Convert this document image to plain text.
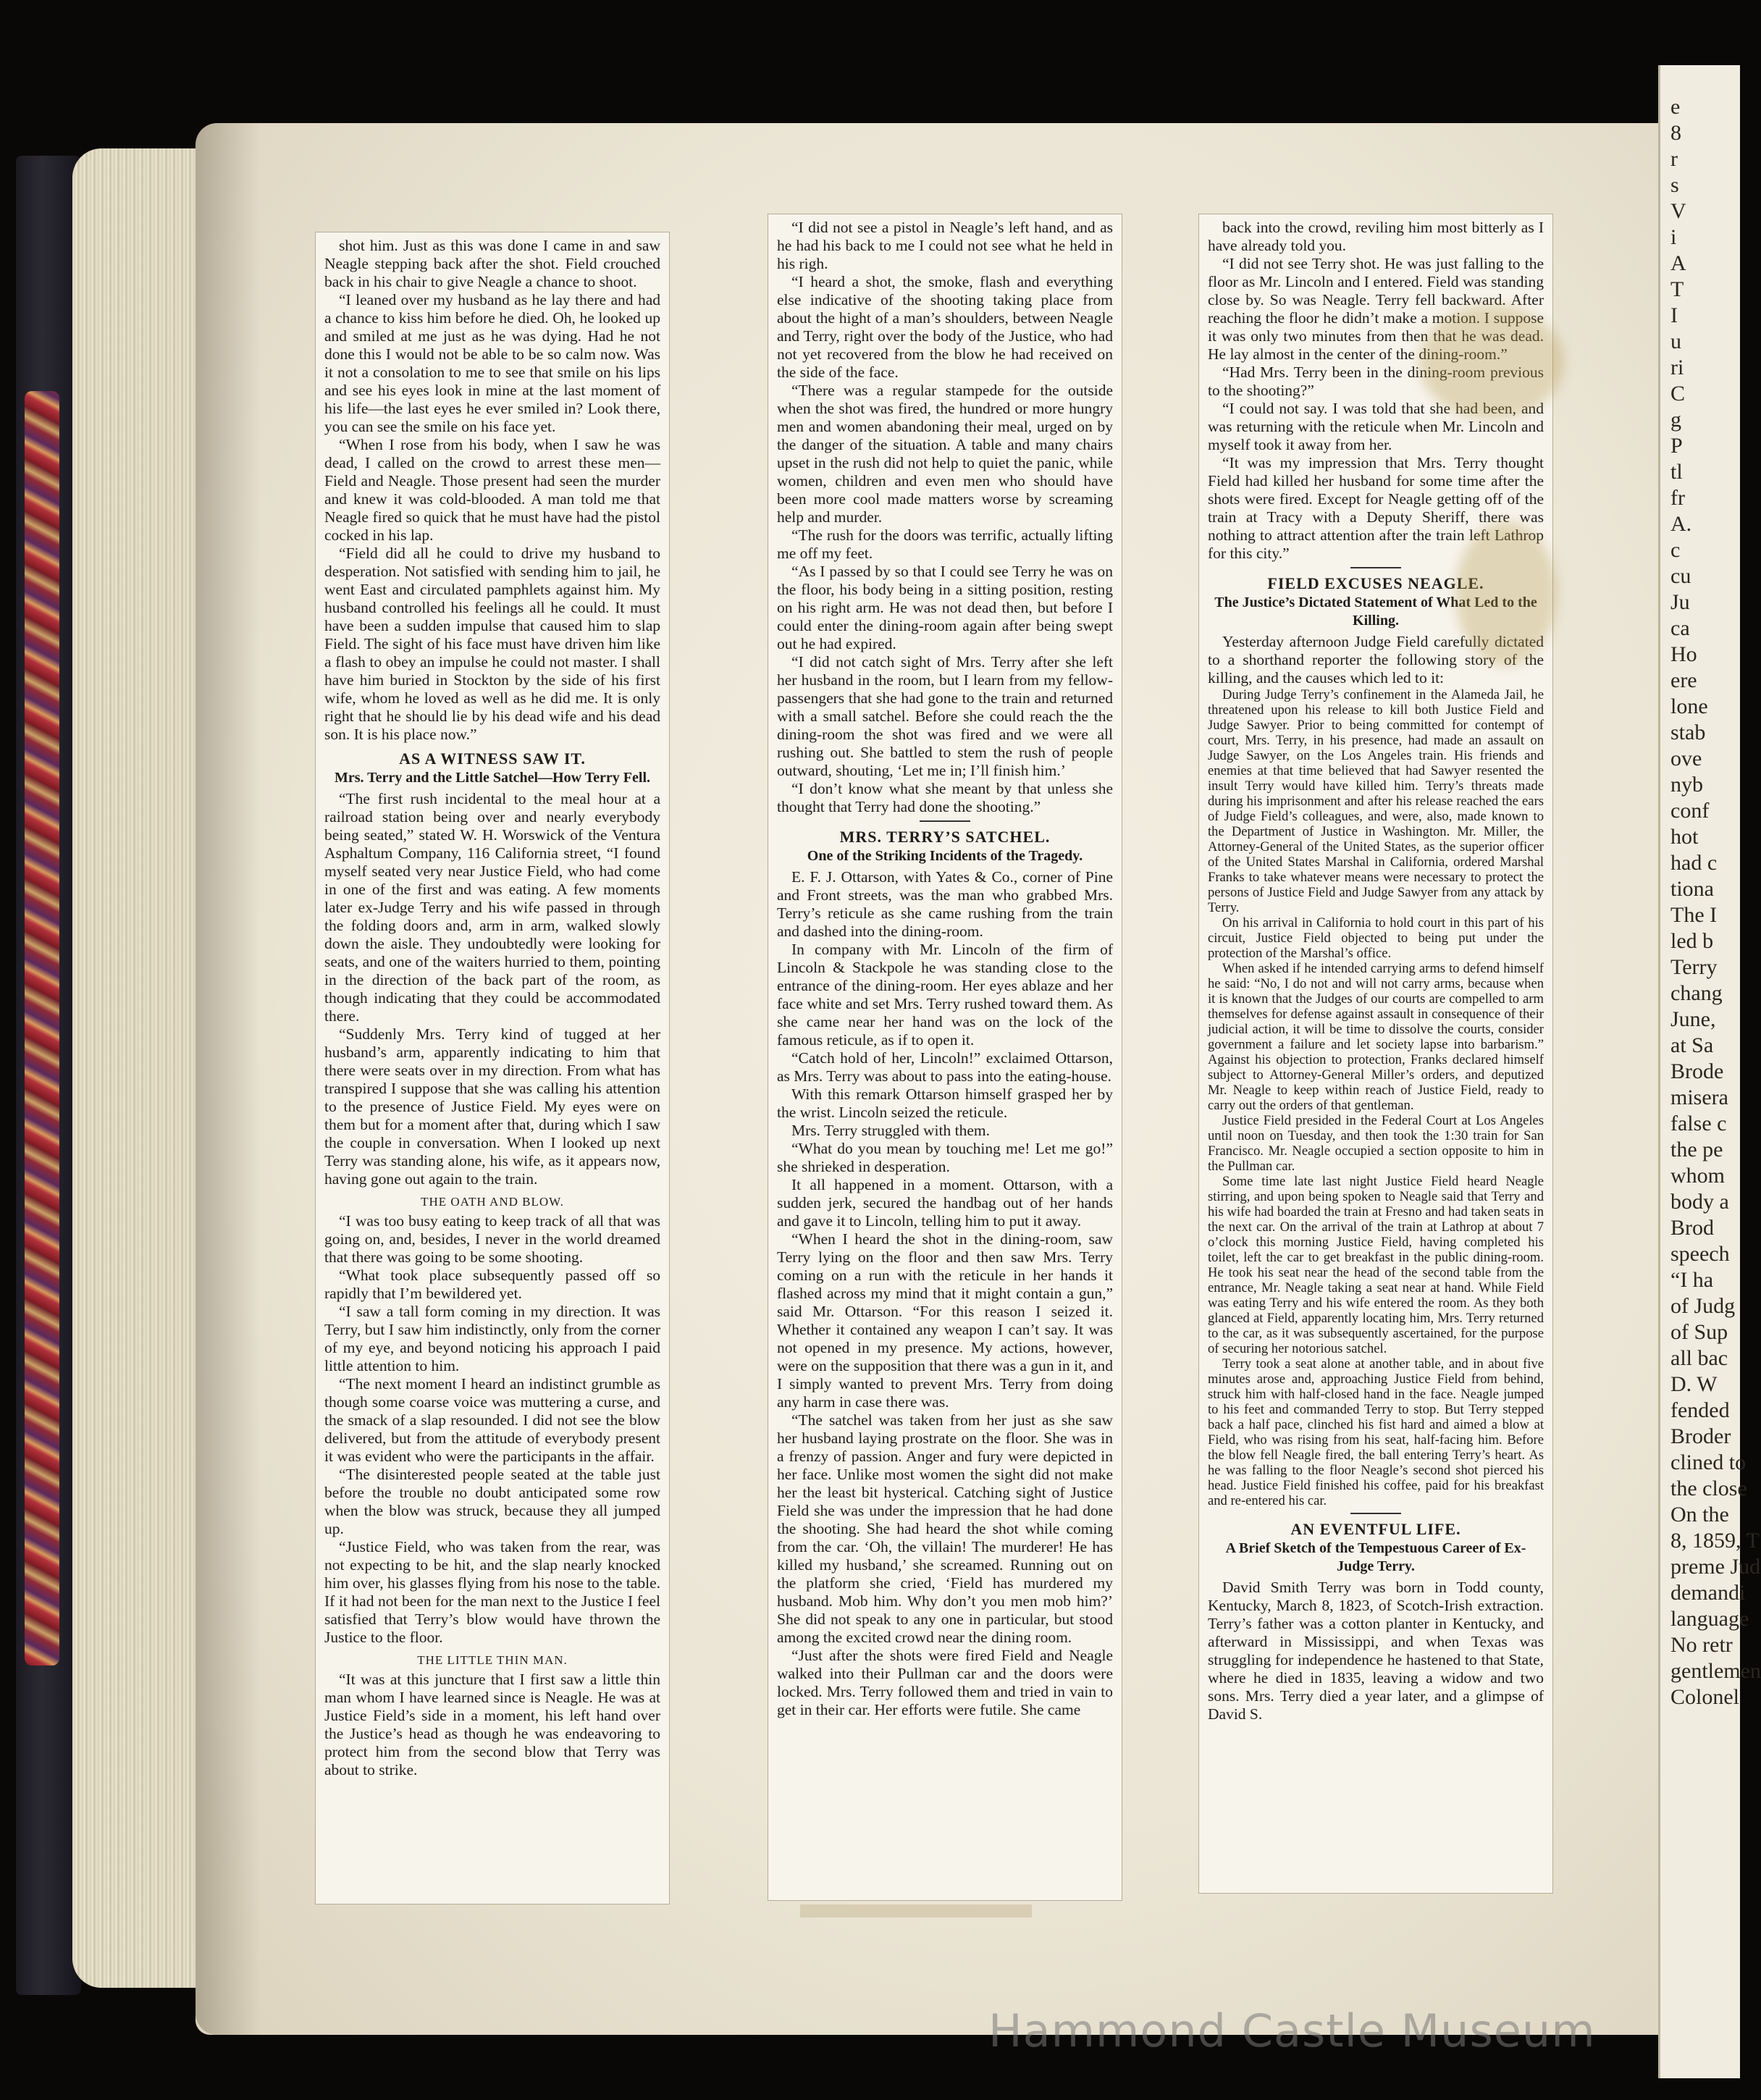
e
8
r
s
V
i
A
T
I
u
ri
C
g
P
tl
fr
A.
c
cu
Ju
ca
Ho
ere
lone
stab
ove
nyb
conf
hot
had c
tiona
The I
led b
Terry
chang
June,
at Sa
Brode
misera
false c
the pe
whom
body a
Brod
speech
“I ha
of Judg
of Sup
all bac
D. W
fended
Broder
clined to
the close
On the
8, 1859, T
preme Jud
demandi
language
No retr
gentlemen
Colonel

shot him. Just as this was done I came in and saw Neagle stepping back after the shot. Field crouched back in his chair to give Neagle a chance to shoot.

“I leaned over my husband as he lay there and had a chance to kiss him before he died. Oh, he looked up and smiled at me just as he was dying. Had he not done this I would not be able to be so calm now. Was it not a consolation to me to see that smile on his lips and see his eyes look in mine at the last moment of his life—the last eyes he ever smiled in? Look there, you can see the smile on his face yet.

“When I rose from his body, when I saw he was dead, I called on the crowd to arrest these men—Field and Neagle. Those present had seen the murder and knew it was cold-blooded. A man told me that Neagle fired so quick that he must have had the pistol cocked in his lap.

“Field did all he could to drive my husband to desperation. Not satisfied with sending him to jail, he went East and circulated pamphlets against him. My husband controlled his feelings all he could. It must have been a sudden impulse that caused him to slap Field. The sight of his face must have driven him like a flash to obey an impulse he could not master. I shall have him buried in Stockton by the side of his first wife, whom he loved as well as he did me. It is only right that he should lie by his dead wife and his dead son. It is his place now.”

AS A WITNESS SAW IT.
Mrs. Terry and the Little Satchel—How Terry Fell.

“The first rush incidental to the meal hour at a railroad station being over and nearly everybody being seated,” stated W. H. Worswick of the Ventura Asphaltum Company, 116 California street, “I found myself seated very near Justice Field, who had come in one of the first and was eating. A few moments later ex-Judge Terry and his wife passed in through the folding doors and, arm in arm, walked slowly down the aisle. They undoubtedly were looking for seats, and one of the waiters hurried to them, pointing in the direction of the back part of the room, as though indicating that they could be accommodated there.

“Suddenly Mrs. Terry kind of tugged at her husband’s arm, apparently indicating to him that there were seats over in my direction. From what has transpired I suppose that she was calling his attention to the presence of Justice Field. My eyes were on them but for a moment after that, during which I saw the couple in conversation. When I looked up next Terry was standing alone, his wife, as it appears now, having gone out again to the train.

THE OATH AND BLOW.

“I was too busy eating to keep track of all that was going on, and, besides, I never in the world dreamed that there was going to be some shooting.

“What took place subsequently passed off so rapidly that I’m bewildered yet.

“I saw a tall form coming in my direction. It was Terry, but I saw him indistinctly, only from the corner of my eye, and beyond noticing his approach I paid little attention to him.

“The next moment I heard an indistinct grumble as though some coarse voice was muttering a curse, and the smack of a slap resounded. I did not see the blow delivered, but from the attitude of everybody present it was evident who were the participants in the affair.

“The disinterested people seated at the table just before the trouble no doubt anticipated some row when the blow was struck, because they all jumped up.

“Justice Field, who was taken from the rear, was not expecting to be hit, and the slap nearly knocked him over, his glasses flying from his nose to the table. If it had not been for the man next to the Justice I feel satisfied that Terry’s blow would have thrown the Justice to the floor.

THE LITTLE THIN MAN.

“It was at this juncture that I first saw a little thin man whom I have learned since is Neagle. He was at Justice Field’s side in a moment, his left hand over the Justice’s head as though he was endeavoring to protect him from the second blow that Terry was about to strike.

“I did not see a pistol in Neagle’s left hand, and as he had his back to me I could not see what he held in his righ.

“I heard a shot, the smoke, flash and everything else indicative of the shooting taking place from about the hight of a man’s shoulders, between Neagle and Terry, right over the body of the Justice, who had not yet recovered from the blow he had received on the side of the face.

“There was a regular stampede for the outside when the shot was fired, the hundred or more hungry men and women abandoning their meal, urged on by the danger of the situation. A table and many chairs upset in the rush did not help to quiet the panic, while women, children and even men who should have been more cool made matters worse by screaming help and murder.

“The rush for the doors was terrific, actually lifting me off my feet.

“As I passed by so that I could see Terry he was on the floor, his body being in a sitting position, resting on his right arm. He was not dead then, but before I could enter the dining-room again after being swept out he had expired.

“I did not catch sight of Mrs. Terry after she left her husband in the room, but I learn from my fellow-passengers that she had gone to the train and returned with a small satchel. Before she could reach the the dining-room the shot was fired and we were all rushing out. She battled to stem the rush of people outward, shouting, ‘Let me in; I’ll finish him.’

“I don’t know what she meant by that unless she thought that Terry had done the shooting.”

MRS. TERRY’S SATCHEL.
One of the Striking Incidents of the Tragedy.

E. F. J. Ottarson, with Yates & Co., corner of Pine and Front streets, was the man who grabbed Mrs. Terry’s reticule as she came rushing from the train and dashed into the dining-room.

In company with Mr. Lincoln of the firm of Lincoln & Stackpole he was standing close to the entrance of the dining-room. Her eyes ablaze and her face white and set Mrs. Terry rushed toward them. As she came near her hand was on the lock of the famous reticule, as if to open it.

“Catch hold of her, Lincoln!” exclaimed Ottarson, as Mrs. Terry was about to pass into the eating-house.

With this remark Ottarson himself grasped her by the wrist. Lincoln seized the reticule.

Mrs. Terry struggled with them.

“What do you mean by touching me! Let me go!” she shrieked in desperation.

It all happened in a moment. Ottarson, with a sudden jerk, secured the handbag out of her hands and gave it to Lincoln, telling him to put it away.

“When I heard the shot in the dining-room, saw Terry lying on the floor and then saw Mrs. Terry coming on a run with the reticule in her hands it flashed across my mind that it might contain a gun,” said Mr. Ottarson. “For this reason I seized it. Whether it contained any weapon I can’t say. It was not opened in my presence. My actions, however, were on the supposition that there was a gun in it, and I simply wanted to prevent Mrs. Terry from doing any harm in case there was.

“The satchel was taken from her just as she saw her husband laying prostrate on the floor. She was in a frenzy of passion. Anger and fury were depicted in her face. Unlike most women the sight did not make her the least bit hysterical. Catching sight of Justice Field she was under the impression that he had done the shooting. She had heard the shot while coming from the car. ‘Oh, the villain! The murderer! He has killed my husband,’ she screamed. Running out on the platform she cried, ‘Field has murdered my husband. Mob him. Why don’t you men mob him?’ She did not speak to any one in particular, but stood among the excited crowd near the dining room.

“Just after the shots were fired Field and Neagle walked into their Pullman car and the doors were locked. Mrs. Terry followed them and tried in vain to get in their car. Her efforts were futile. She came

back into the crowd, reviling him most bitterly as I have already told you.

“I did not see Terry shot. He was just falling to the floor as Mr. Lincoln and I entered. Field was standing close by. So was Neagle. Terry fell backward. After reaching the floor he didn’t make a motion. I suppose it was only two minutes from then that he was dead. He lay almost in the center of the dining-room.”

“Had Mrs. Terry been in the dining-room previous to the shooting?”

“I could not say. I was told that she had been, and was returning with the reticule when Mr. Lincoln and myself took it away from her.

“It was my impression that Mrs. Terry thought Field had killed her husband for some time after the shots were fired. Except for Neagle getting off of the train at Tracy with a Deputy Sheriff, there was nothing to attract attention after the train left Lathrop for this city.”

FIELD EXCUSES NEAGLE.
The Justice’s Dictated Statement of What Led to the Killing.

Yesterday afternoon Judge Field carefully dictated to a shorthand reporter the following story of the killing, and the causes which led to it:

During Judge Terry’s confinement in the Alameda Jail, he threatened upon his release to kill both Justice Field and Judge Sawyer. Prior to being committed for contempt of court, Mrs. Terry, in his presence, had made an assault on Judge Sawyer, on the Los Angeles train. His friends and enemies at that time believed that had Sawyer resented the insult Terry would have killed him. Terry’s threats made during his imprisonment and after his release reached the ears of Judge Field’s colleagues, and were, also, made known to the Department of Justice in Washington. Mr. Miller, the Attorney-General of the United States, as the superior officer of the United States Marshal in California, ordered Marshal Franks to take whatever means were necessary to protect the persons of Justice Field and Judge Sawyer from any attack by Terry.

On his arrival in California to hold court in this part of his circuit, Justice Field objected to being put under the protection of the Marshal’s office.

When asked if he intended carrying arms to defend himself he said: “No, I do not and will not carry arms, because when it is known that the Judges of our courts are compelled to arm themselves for defense against assault in consequence of their judicial action, it will be time to dissolve the courts, consider government a failure and let society lapse into barbarism.” Against his objection to protection, Franks declared himself subject to Attorney-General Miller’s orders, and deputized Mr. Neagle to keep within reach of Justice Field, ready to carry out the orders of that gentleman.

Justice Field presided in the Federal Court at Los Angeles until noon on Tuesday, and then took the 1:30 train for San Francisco. Mr. Neagle occupied a section opposite to him in the Pullman car.

Some time late last night Justice Field heard Neagle stirring, and upon being spoken to Neagle said that Terry and his wife had boarded the train at Fresno and had taken seats in the next car. On the arrival of the train at Lathrop at about 7 o’clock this morning Justice Field, having completed his toilet, left the car to get breakfast in the public dining-room. He took his seat near the head of the second table from the entrance, Mr. Neagle taking a seat near at hand. While Field was eating Terry and his wife entered the room. As they both glanced at Field, apparently locating him, Mrs. Terry returned to the car, as it was subsequently ascertained, for the purpose of securing her notorious satchel.

Terry took a seat alone at another table, and in about five minutes arose and, approaching Justice Field from behind, struck him with half-closed hand in the face. Neagle jumped to his feet and commanded Terry to stop. But Terry stepped back a half pace, clinched his fist hard and aimed a blow at Field, who was rising from his seat, half-facing him. Before the blow fell Neagle fired, the ball entering Terry’s heart. As he was falling to the floor Neagle’s second shot pierced his head. Justice Field finished his coffee, paid for his breakfast and re-entered his car.

AN EVENTFUL LIFE.
A Brief Sketch of the Tempestuous Career of Ex-Judge Terry.

David Smith Terry was born in Todd county, Kentucky, March 8, 1823, of Scotch-Irish extraction. Terry’s father was a cotton planter in Kentucky, and afterward in Mississippi, and when Texas was struggling for independence he hastened to that State, where he died in 1835, leaving a widow and two sons. Mrs. Terry died a year later, and a glimpse of David S.

Hammond Castle Museum
